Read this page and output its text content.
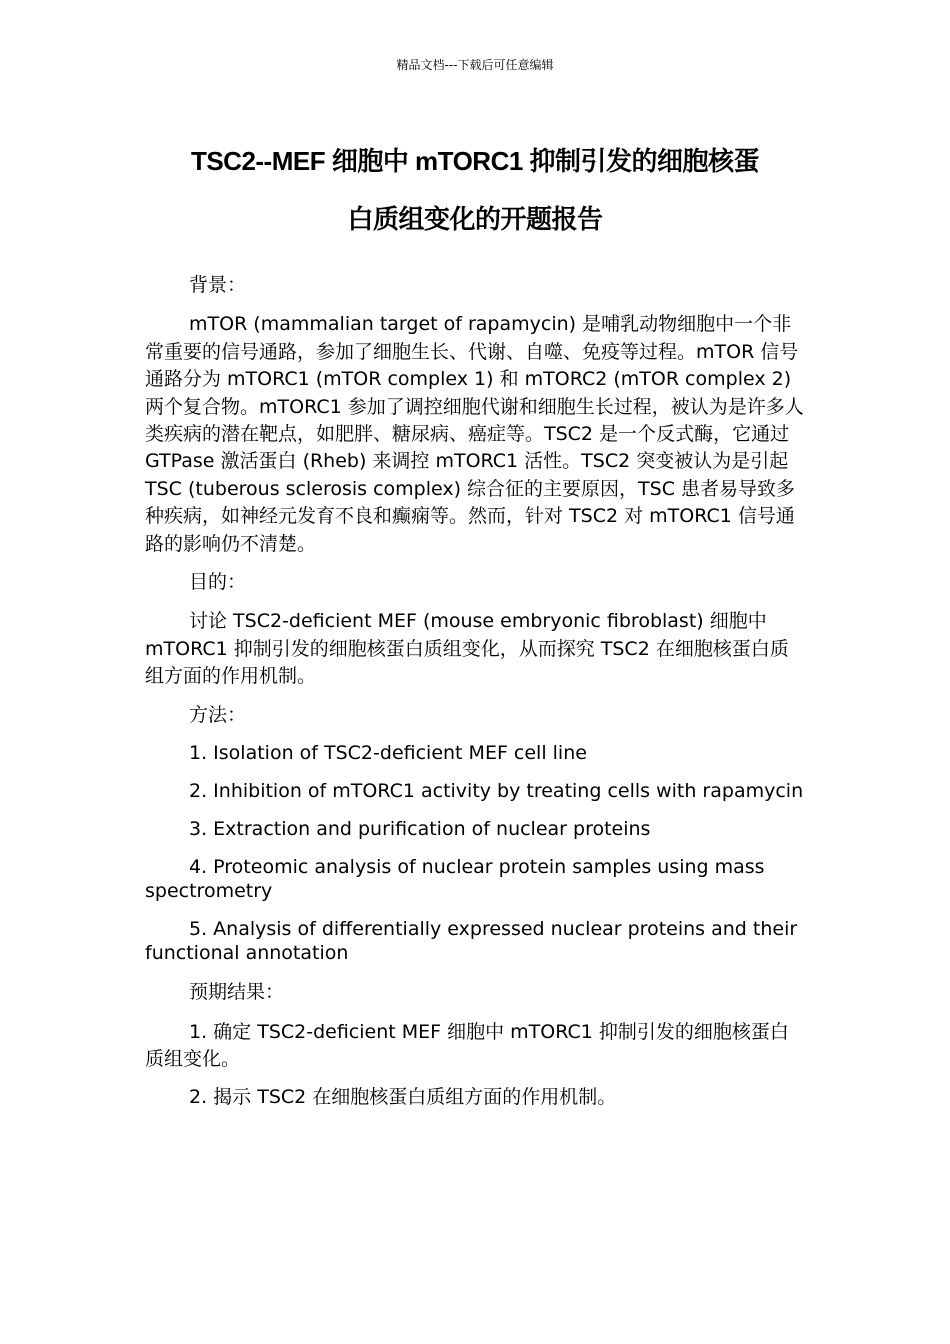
精品文档---下载后可任意编辑
TSC2--MEF 细胞中 mTORC1 抑制引发的细胞核蛋
白质组变化的开题报告

背景：

mTOR (mammalian target of rapamycin) 是哺乳动物细胞中一个非常重要的信号通路，参加了细胞生长、代谢、自噬、免疫等过程。mTOR 信号通路分为 mTORC1 (mTOR complex 1) 和 mTORC2 (mTOR complex 2) 两个复合物。mTORC1 参加了调控细胞代谢和细胞生长过程，被认为是许多人类疾病的潜在靶点，如肥胖、糖尿病、癌症等。TSC2 是一个反式酶，它通过 GTPase 激活蛋白 (Rheb) 来调控 mTORC1 活性。TSC2 突变被认为是引起 TSC (tuberous sclerosis complex) 综合征的主要原因，TSC 患者易导致多种疾病，如神经元发育不良和癫痫等。然而，针对 TSC2 对 mTORC1 信号通路的影响仍不清楚。

目的：

讨论 TSC2-deficient MEF (mouse embryonic fibroblast) 细胞中 mTORC1 抑制引发的细胞核蛋白质组变化，从而探究 TSC2 在细胞核蛋白质组方面的作用机制。

方法：

1. Isolation of TSC2-deficient MEF cell line

2. Inhibition of mTORC1 activity by treating cells with rapamycin

3. Extraction and purification of nuclear proteins

4. Proteomic analysis of nuclear protein samples using mass spectrometry

5. Analysis of differentially expressed nuclear proteins and their functional annotation

预期结果：

1. 确定 TSC2-deficient MEF 细胞中 mTORC1 抑制引发的细胞核蛋白质组变化。

2. 揭示 TSC2 在细胞核蛋白质组方面的作用机制。
